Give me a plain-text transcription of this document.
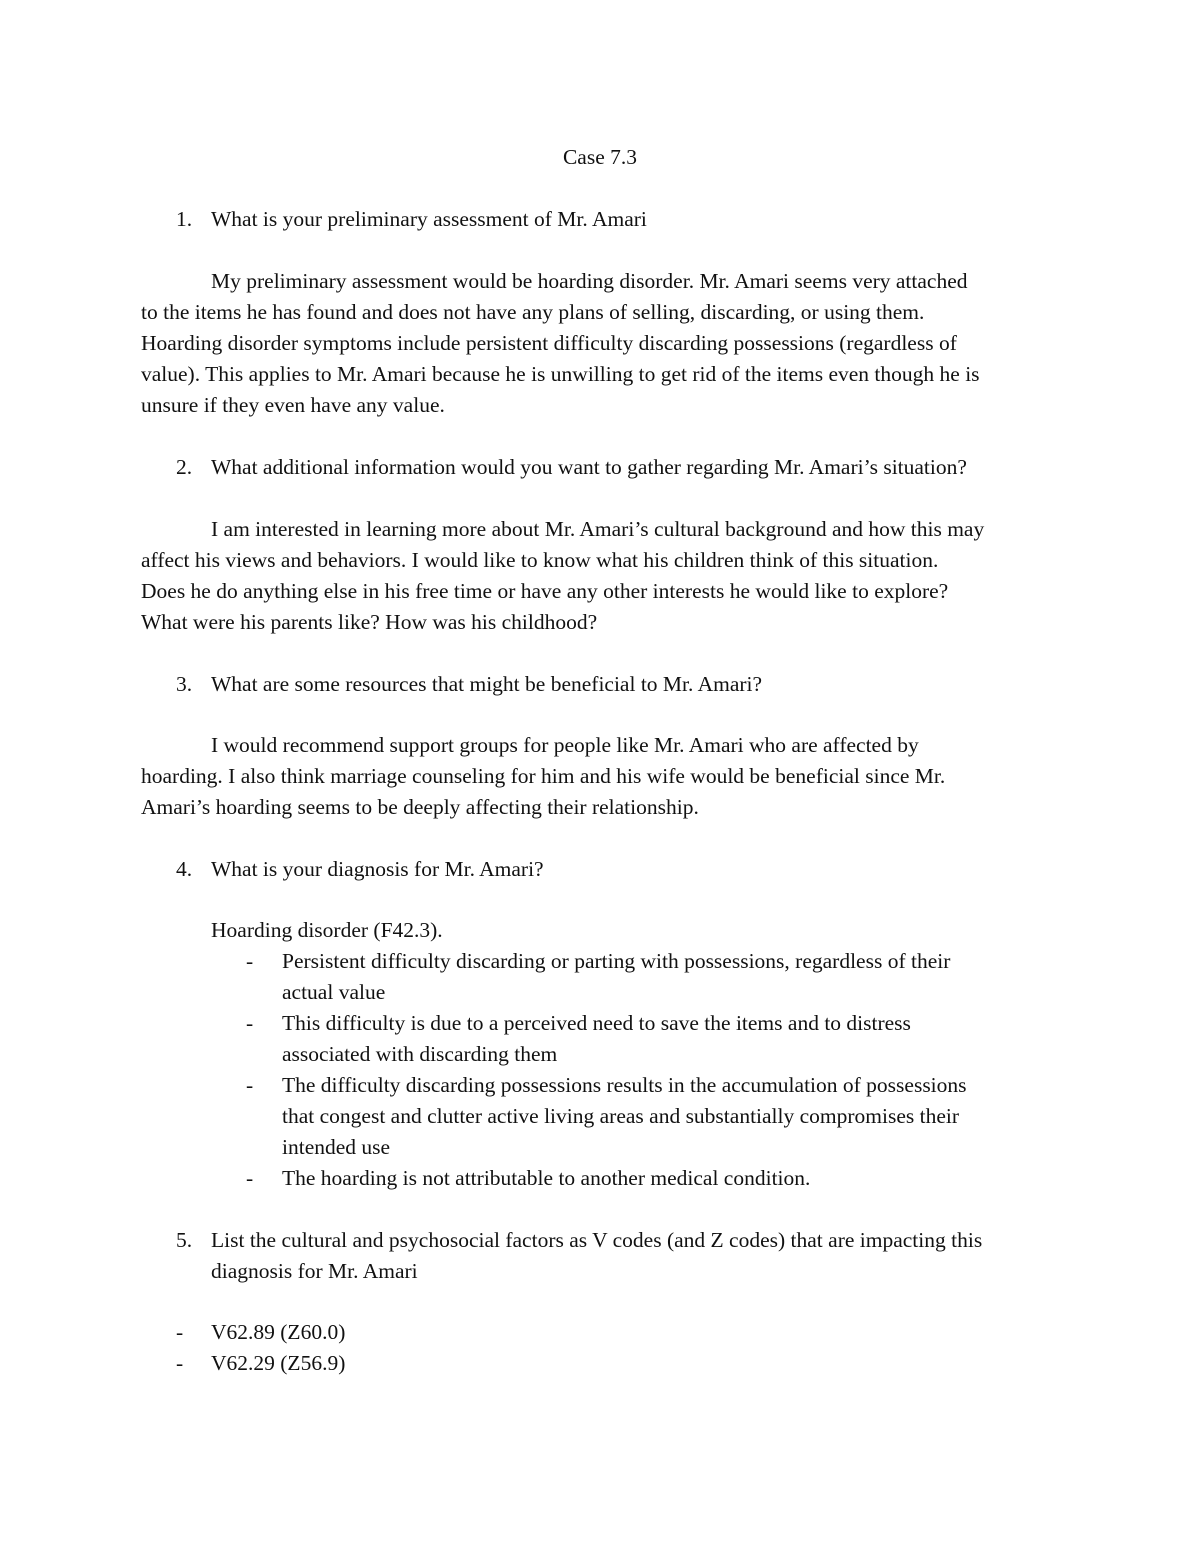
Case 7.3
1. What is your preliminary assessment of Mr. Amari
My preliminary assessment would be hoarding disorder. Mr. Amari seems very attached
to the items he has found and does not have any plans of selling, discarding, or using them.
Hoarding disorder symptoms include persistent difficulty discarding possessions (regardless of
value). This applies to Mr. Amari because he is unwilling to get rid of the items even though he is
unsure if they even have any value.
2. What additional information would you want to gather regarding Mr. Amari’s situation?
I am interested in learning more about Mr. Amari’s cultural background and how this may
affect his views and behaviors. I would like to know what his children think of this situation.
Does he do anything else in his free time or have any other interests he would like to explore?
What were his parents like? How was his childhood?
3. What are some resources that might be beneficial to Mr. Amari?
I would recommend support groups for people like Mr. Amari who are affected by
hoarding. I also think marriage counseling for him and his wife would be beneficial since Mr.
Amari’s hoarding seems to be deeply affecting their relationship.
4. What is your diagnosis for Mr. Amari?
Hoarding disorder (F42.3).
- Persistent difficulty discarding or parting with possessions, regardless of their
actual value
- This difficulty is due to a perceived need to save the items and to distress
associated with discarding them
- The difficulty discarding possessions results in the accumulation of possessions
that congest and clutter active living areas and substantially compromises their
intended use
- The hoarding is not attributable to another medical condition.
5. List the cultural and psychosocial factors as V codes (and Z codes) that are impacting this
diagnosis for Mr. Amari
- V62.89 (Z60.0)
- V62.29 (Z56.9)
